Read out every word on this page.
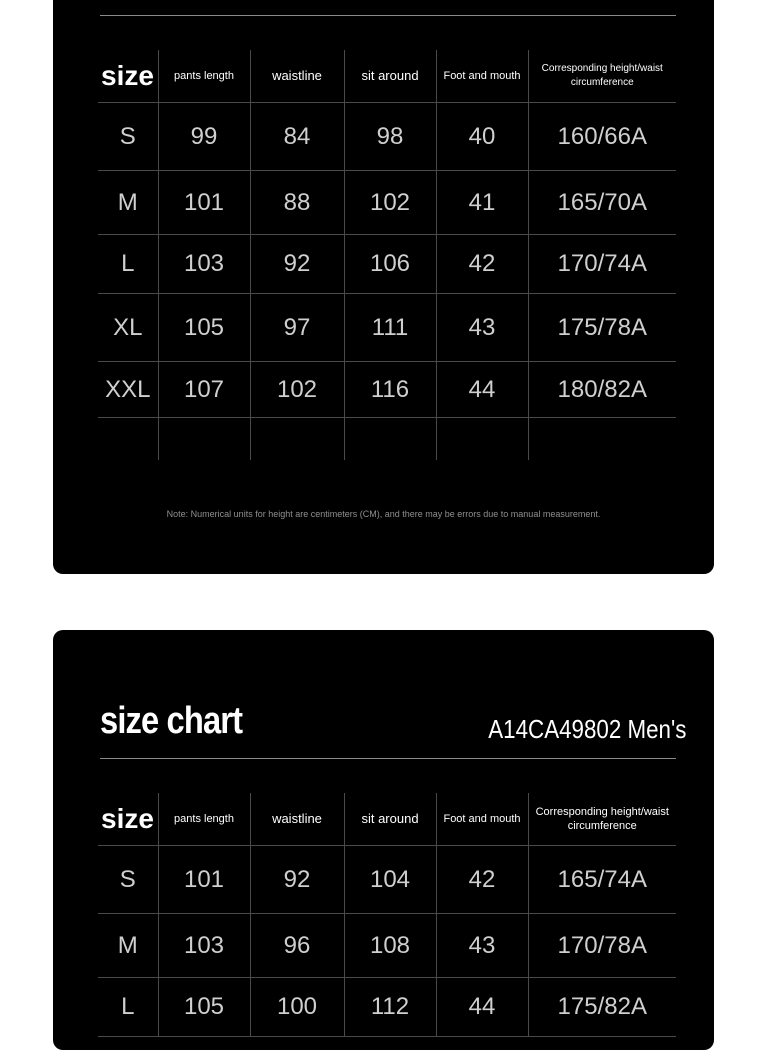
size	pants length	waistline	sit around	Foot and mouth	Corresponding height/waist circumference
S	99	84	98	40	160/66A
M	101	88	102	41	165/70A
L	103	92	106	42	170/74A
XL	105	97	111	43	175/78A
XXL	107	102	116	44	180/82A

Note: Numerical units for height are centimeters (CM), and there may be errors due to manual measurement.
size chart	A14CA49802 Men's
size	pants length	waistline	sit around	Foot and mouth	Corresponding height/waist circumference
S	101	92	104	42	165/74A
M	103	96	108	43	170/78A
L	105	100	112	44	175/82A
